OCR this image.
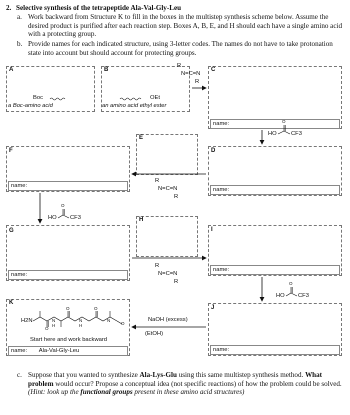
2. Selective synthesis of the tetrapeptide Ala-Val-Gly-Leu
a. Work backward from Structure K to fill in the boxes in the multistep synthesis scheme below. Assume the desired product is purified after each reaction step. Boxes A, B, E, and H should each have a single amino acid with a protecting group.
b. Provide names for each indicated structure, using 3-letter codes. The names do not have to take protonation state into account but should account for protecting groups.
A
Boc
a Boc-amino acid
B
OEt
an amino acid ethyl ester
R
N=C=N
R
C
name:
HO CF3
F
name:
E
R
N=C=N
R
D
name:
HO CF3
G
name:
H
R
N=C=N
R
I
name:
HO CF3
K
H2N
Start here and work backward
name: Ala-Val-Gly-Leu
NaOH (excess)
(EtOH)
J
name:
c. Suppose that you wanted to synthesize Ala-Lys-Glu using this same multistep synthesis method. What problem would occur? Propose a conceptual idea (not specific reactions) of how the problem could be solved. (Hint: look up the functional groups present in these amino acid structures)
N
H
N
H
N
O
O	O
O
O
O
O
